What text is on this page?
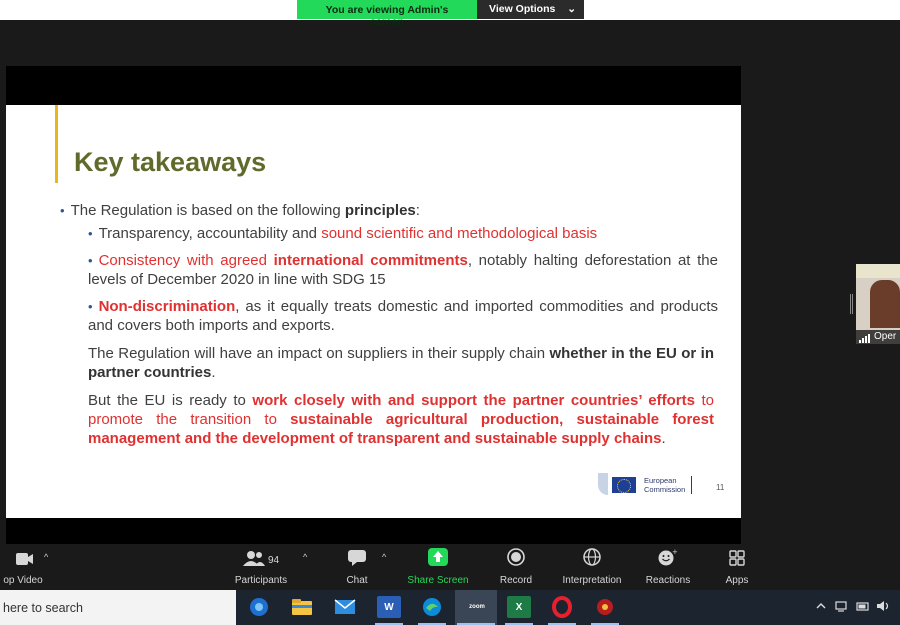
You are viewing Admin's screen
View Options ⌄
Key takeaways
• The Regulation is based on the following principles:
• Transparency, accountability and sound scientific and methodological basis
• Consistency with agreed international commitments, notably halting deforestation at the levels of December 2020 in line with SDG 15
• Non-discrimination, as it equally treats domestic and imported commodities and products and covers both imports and exports.
The Regulation will have an impact on suppliers in their supply chain whether in the EU or in partner countries.
But the EU is ready to work closely with and support the partner countries’ efforts to promote the transition to sustainable agricultural production, sustainable forest management and the development of transparent and sustainable supply chains.
European
Commission	11
Oper
op Video
^	94
Participants
^
Chat
^
Share Screen	Record	Interpretation
+
Reactions	Apps
here to search	W	zoom	X
